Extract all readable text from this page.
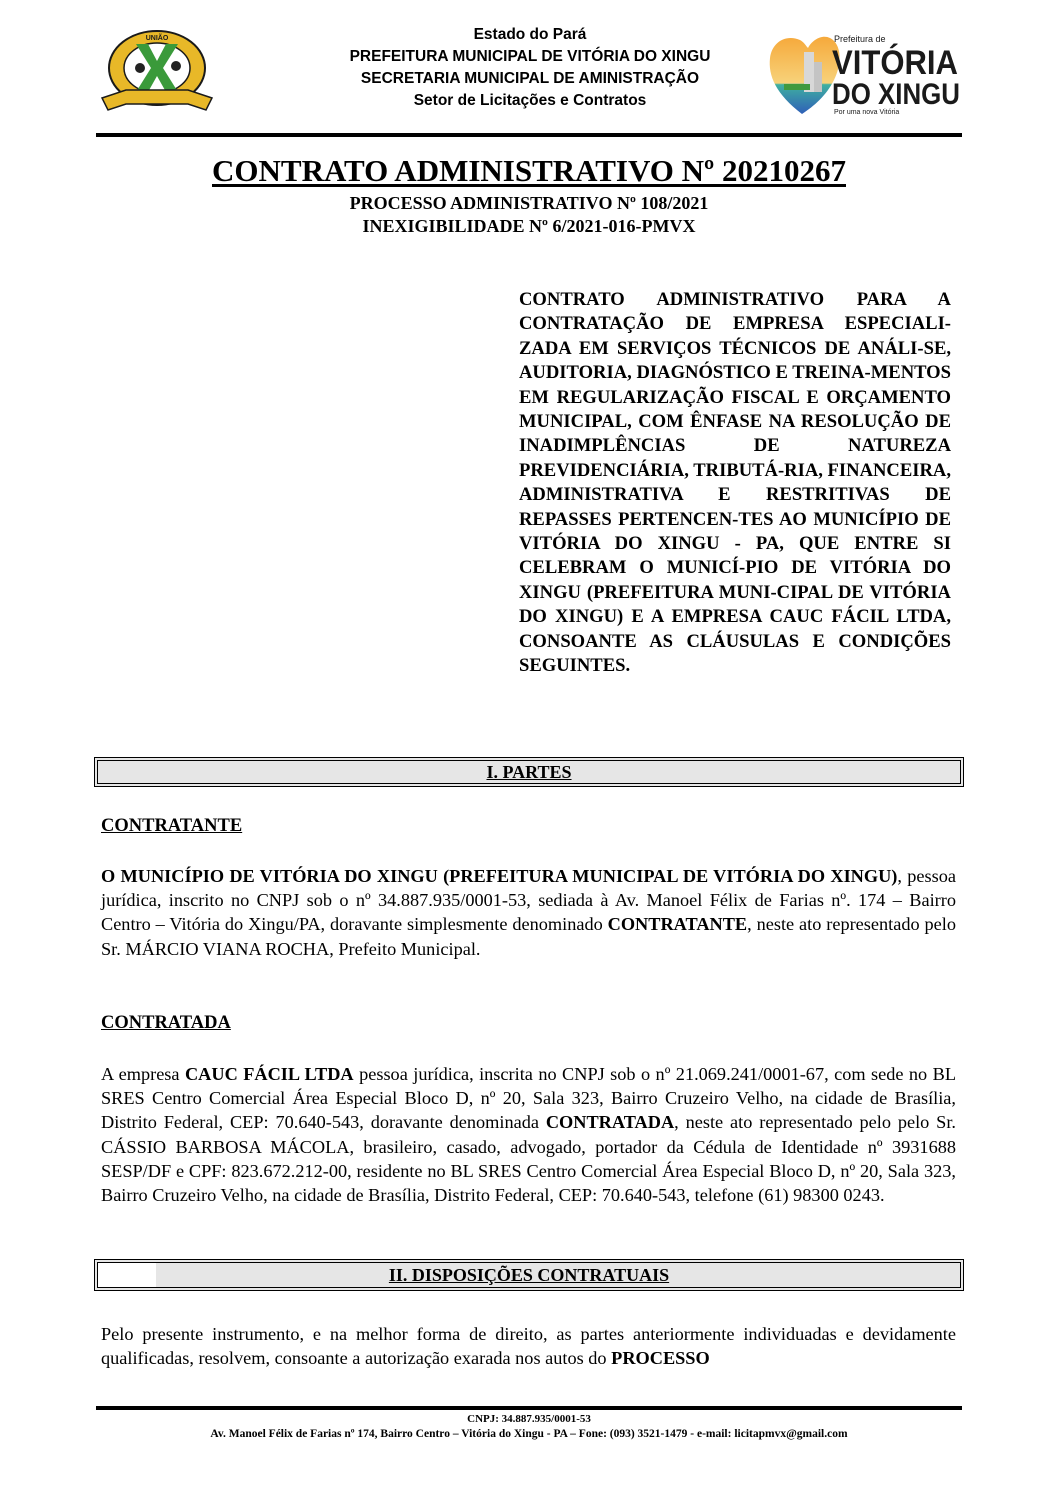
UNIÃO	Estado do Pará
PREFEITURA MUNICIPAL DE VITÓRIA DO XINGU
SECRETARIA MUNICIPAL DE AMINISTRAÇÃO
Setor de Licitações e Contratos
Prefeitura de
VITÓRIA
DO XINGU
Por uma nova Vitória
CONTRATO ADMINISTRATIVO Nº 20210267
PROCESSO ADMINISTRATIVO Nº 108/2021
INEXIGIBILIDADE Nº 6/2021-016-PMVX
CONTRATO ADMINISTRATIVO PARA A CONTRATAÇÃO DE EMPRESA ESPECIALI-ZADA EM SERVIÇOS TÉCNICOS DE ANÁLI-SE, AUDITORIA, DIAGNÓSTICO E TREINA-MENTOS EM REGULARIZAÇÃO FISCAL E ORÇAMENTO MUNICIPAL, COM ÊNFASE NA RESOLUÇÃO DE INADIMPLÊNCIAS DE NATUREZA PREVIDENCIÁRIA, TRIBUTÁ-RIA, FINANCEIRA, ADMINISTRATIVA E RESTRITIVAS DE REPASSES PERTENCEN-TES AO MUNICÍPIO DE VITÓRIA DO XINGU - PA, QUE ENTRE SI CELEBRAM O MUNICÍ-PIO DE VITÓRIA DO XINGU (PREFEITURA MUNI-CIPAL DE VITÓRIA DO XINGU) E A EMPRESA CAUC FÁCIL LTDA, CONSOANTE AS CLÁUSULAS E CONDIÇÕES SEGUINTES.
I. PARTES
CONTRATANTE
O MUNICÍPIO DE VITÓRIA DO XINGU (PREFEITURA MUNICIPAL DE VITÓRIA DO XINGU), pessoa jurídica, inscrito no CNPJ sob o nº 34.887.935/0001-53, sediada à Av. Manoel Félix de Farias nº. 174 – Bairro Centro – Vitória do Xingu/PA, doravante simplesmente denominado CONTRATANTE, neste ato representado pelo Sr. MÁRCIO VIANA ROCHA, Prefeito Municipal.
CONTRATADA
A empresa CAUC FÁCIL LTDA pessoa jurídica, inscrita no CNPJ sob o nº 21.069.241/0001-67, com sede no BL SRES Centro Comercial Área Especial Bloco D, nº 20, Sala 323, Bairro Cruzeiro Velho, na cidade de Brasília, Distrito Federal, CEP: 70.640-543, doravante denominada CONTRATADA, neste ato representado pelo pelo Sr. CÁSSIO BARBOSA MÁCOLA, brasileiro, casado, advogado, portador da Cédula de Identidade nº 3931688 SESP/DF e CPF: 823.672.212-00, residente no BL SRES Centro Comercial Área Especial Bloco D, nº 20, Sala 323, Bairro Cruzeiro Velho, na cidade de Brasília, Distrito Federal, CEP: 70.640-543, telefone (61) 98300 0243.
II. DISPOSIÇÕES CONTRATUAIS
Pelo presente instrumento, e na melhor forma de direito, as partes anteriormente individuadas e devidamente qualificadas, resolvem, consoante a autorização exarada nos autos do PROCESSO
CNPJ: 34.887.935/0001-53
Av. Manoel Félix de Farias nº 174, Bairro Centro – Vitória do Xingu - PA – Fone: (093) 3521-1479 - e-mail: licitapmvx@gmail.com
